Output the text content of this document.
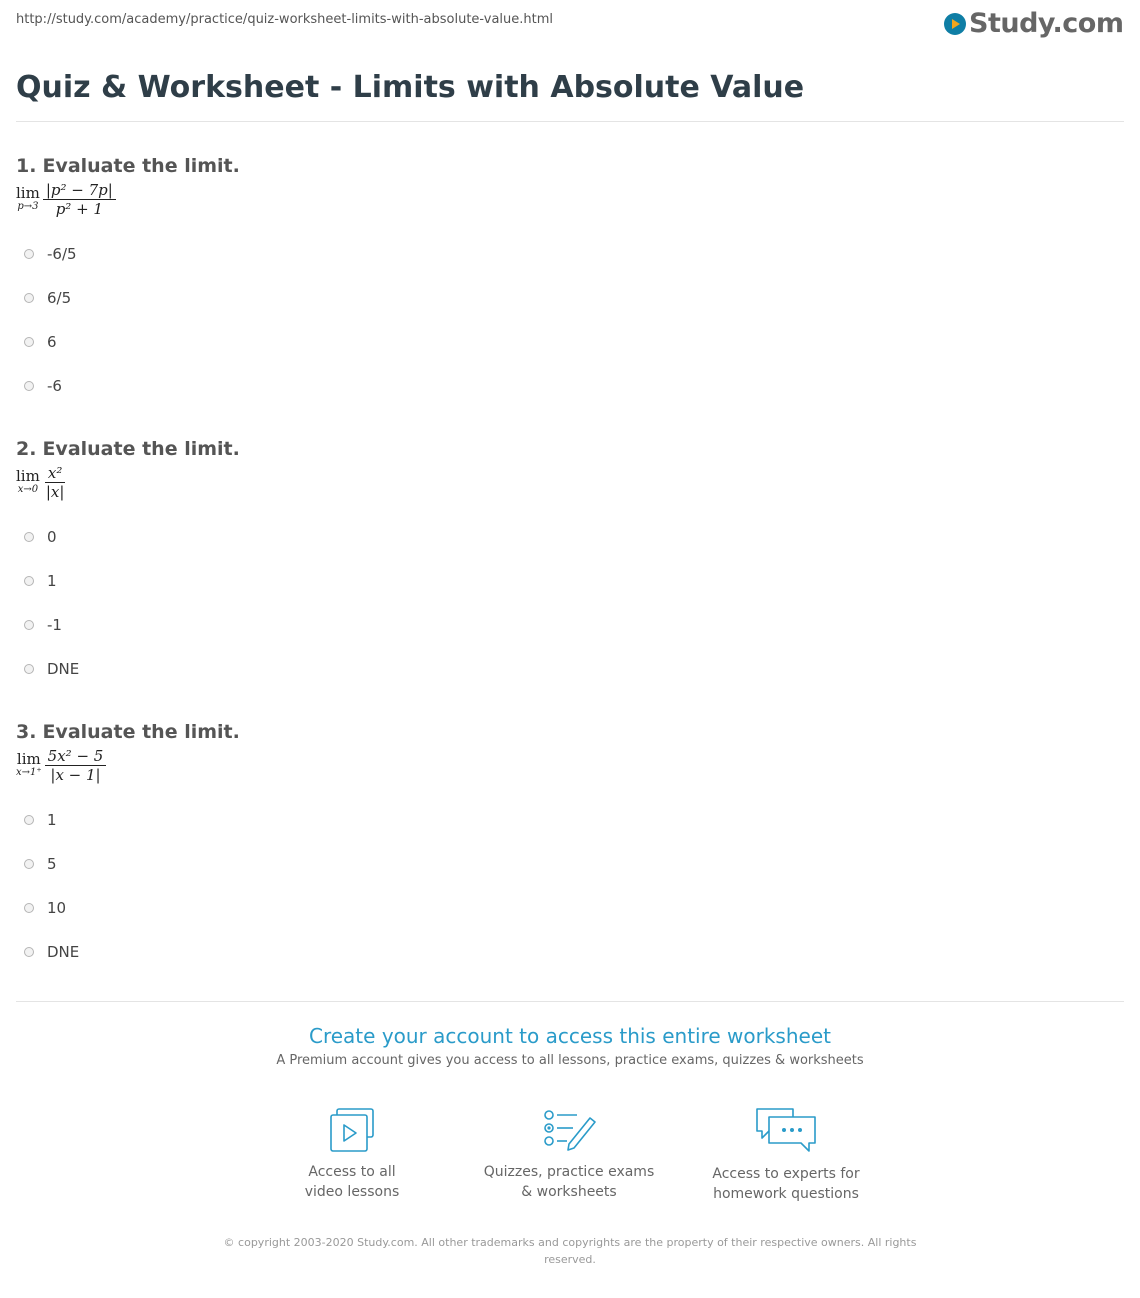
http://study.com/academy/practice/quiz-worksheet-limits-with-absolute-value.html	Study.com
Quiz & Worksheet - Limits with Absolute Value
1. Evaluate the limit.
lim
$p\to 3 \frac{\text{|p² − 7p|}}{\text{p² + 1}}$
-6/5
6/5
6
-6
2. Evaluate the limit.
lim
$x\to 0 \frac{\text{x²}}{|x|}$
0
1
-1
DNE
3. Evaluate the limit.
lim
$x\to 1^+ \frac{\text{5x² − 5}}{|x - 1|}$
1
5
10
DNE
Create your account to access this entire worksheet
A Premium account gives you access to all lessons, practice exams, quizzes & worksheets
Access to all
video lessons
Quizzes, practice exams
& worksheets
Access to experts for
homework questions
© copyright 2003-2020 Study.com. All other trademarks and copyrights are the property of their respective owners. All rights reserved.
